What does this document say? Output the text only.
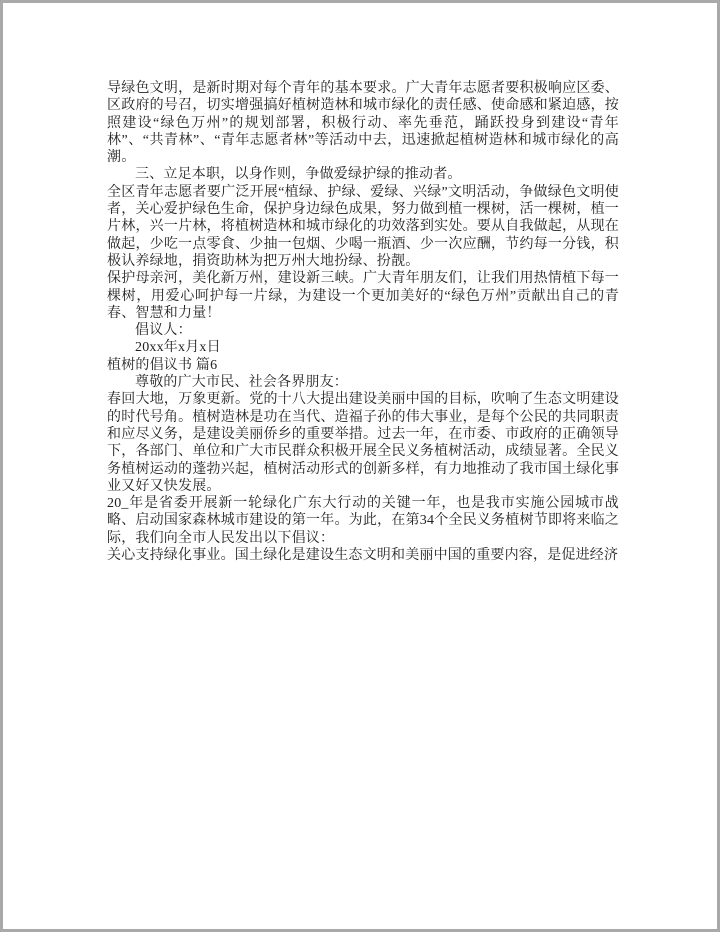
导绿色文明，是新时期对每个青年的基本要求。广大青年志愿者要积极响应区委、区政府的号召，切实增强搞好植树造林和城市绿化的责任感、使命感和紧迫感，按照建设“绿色万州”的规划部署，积极行动、率先垂范，踊跃投身到建设“青年林”、“共青林”、“青年志愿者林”等活动中去，迅速掀起植树造林和城市绿化的高潮。

三、立足本职，以身作则，争做爱绿护绿的推动者。

全区青年志愿者要广泛开展“植绿、护绿、爱绿、兴绿”文明活动，争做绿色文明使者，关心爱护绿色生命，保护身边绿色成果，努力做到植一棵树，活一棵树，植一片林，兴一片林，将植树造林和城市绿化的功效落到实处。要从自我做起，从现在做起，少吃一点零食、少抽一包烟、少喝一瓶酒、少一次应酬，节约每一分钱，积极认养绿地，捐资助林为把万州大地扮绿、扮靓。

保护母亲河，美化新万州，建设新三峡。广大青年朋友们，让我们用热情植下每一棵树，用爱心呵护每一片绿，为建设一个更加美好的“绿色万州”贡献出自己的青春、智慧和力量！

倡议人：

20xx年x月x日

植树的倡议书 篇6

尊敬的广大市民、社会各界朋友：

春回大地，万象更新。党的十八大提出建设美丽中国的目标，吹响了生态文明建设的时代号角。植树造林是功在当代、造福子孙的伟大事业，是每个公民的共同职责和应尽义务，是建设美丽侨乡的重要举措。过去一年，在市委、市政府的正确领导下，各部门、单位和广大市民群众积极开展全民义务植树活动，成绩显著。全民义务植树运动的蓬勃兴起，植树活动形式的创新多样，有力地推动了我市国土绿化事业又好又快发展。

20_年是省委开展新一轮绿化广东大行动的关键一年，也是我市实施公园城市战略、启动国家森林城市建设的第一年。为此，在第34个全民义务植树节即将来临之际，我们向全市人民发出以下倡议：

关心支持绿化事业。国土绿化是建设生态文明和美丽中国的重要内容，是促进经济
